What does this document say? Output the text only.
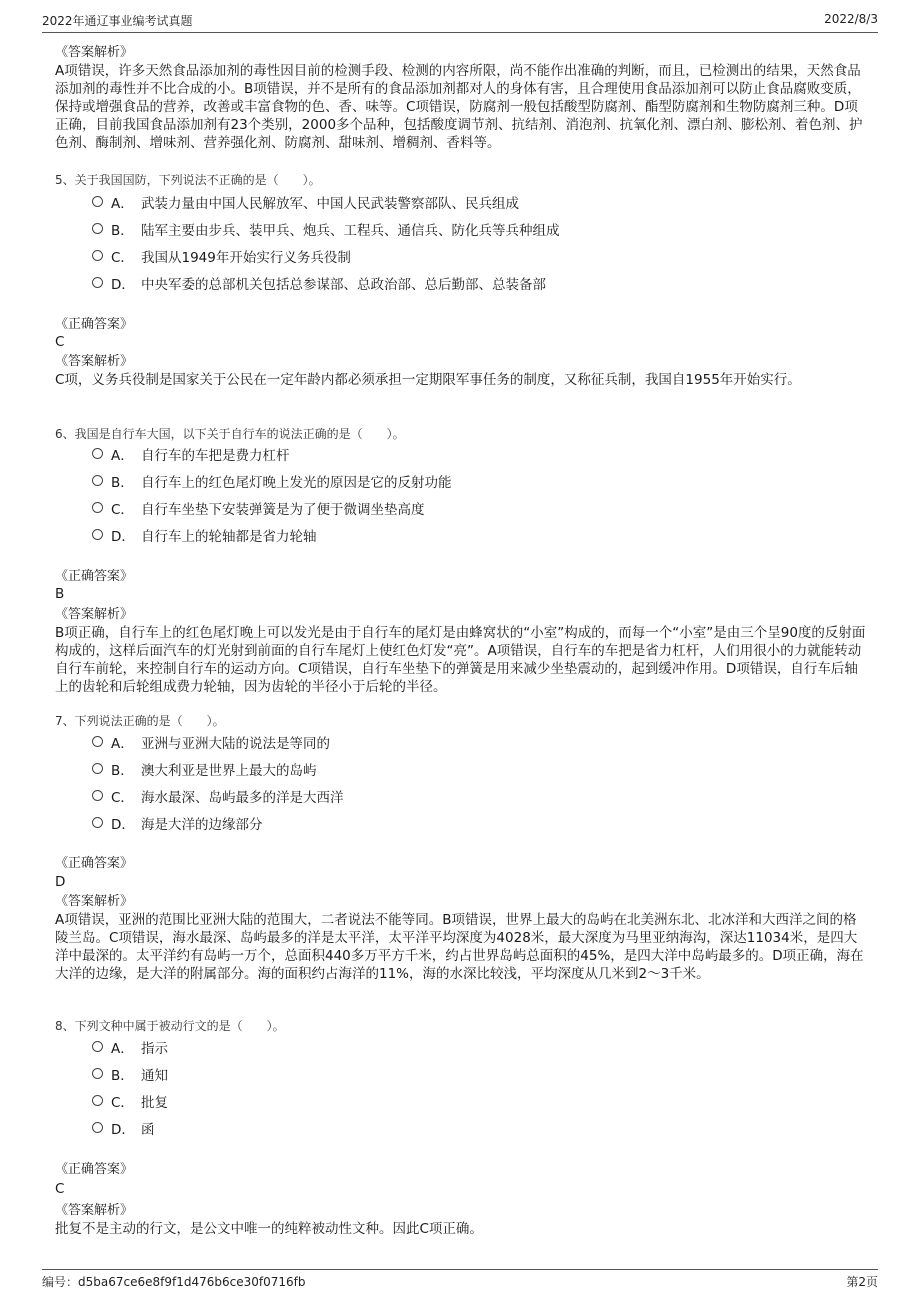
2022年通辽事业编考试真题	2022/8/3
《答案解析》
A项错误，许多天然食品添加剂的毒性因目前的检测手段、检测的内容所限，尚不能作出准确的判断，而且，已检测出的结果，天然食品添加剂的毒性并不比合成的小。B项错误，并不是所有的食品添加剂都对人的身体有害，且合理使用食品添加剂可以防止食品腐败变质，保持或增强食品的营养，改善或丰富食物的色、香、味等。C项错误，防腐剂一般包括酸型防腐剂、酯型防腐剂和生物防腐剂三种。D项正确，目前我国食品添加剂有23个类别，2000多个品种，包括酸度调节剂、抗结剂、消泡剂、抗氧化剂、漂白剂、膨松剂、着色剂、护色剂、酶制剂、增味剂、营养强化剂、防腐剂、甜味剂、增稠剂、香料等。
5、关于我国国防，下列说法不正确的是（　　）。
A． 武装力量由中国人民解放军、中国人民武装警察部队、民兵组成
B． 陆军主要由步兵、装甲兵、炮兵、工程兵、通信兵、防化兵等兵种组成
C． 我国从1949年开始实行义务兵役制
D． 中央军委的总部机关包括总参谋部、总政治部、总后勤部、总装备部
《正确答案》
C
《答案解析》
C项，义务兵役制是国家关于公民在一定年龄内都必须承担一定期限军事任务的制度，又称征兵制，我国自1955年开始实行。
6、我国是自行车大国，以下关于自行车的说法正确的是（　　）。
A． 自行车的车把是费力杠杆
B． 自行车上的红色尾灯晚上发光的原因是它的反射功能
C． 自行车坐垫下安装弹簧是为了便于微调坐垫高度
D． 自行车上的轮轴都是省力轮轴
《正确答案》
B
《答案解析》
B项正确，自行车上的红色尾灯晚上可以发光是由于自行车的尾灯是由蜂窝状的“小室”构成的，而每一个“小室”是由三个呈90度的反射面构成的，这样后面汽车的灯光射到前面的自行车尾灯上使红色灯发“亮”。A项错误，自行车的车把是省力杠杆，人们用很小的力就能转动自行车前轮，来控制自行车的运动方向。C项错误，自行车坐垫下的弹簧是用来减少坐垫震动的，起到缓冲作用。D项错误，自行车后轴上的齿轮和后轮组成费力轮轴，因为齿轮的半径小于后轮的半径。
7、下列说法正确的是（　　）。
A． 亚洲与亚洲大陆的说法是等同的
B． 澳大利亚是世界上最大的岛屿
C． 海水最深、岛屿最多的洋是大西洋
D． 海是大洋的边缘部分
《正确答案》
D
《答案解析》
A项错误，亚洲的范围比亚洲大陆的范围大，二者说法不能等同。B项错误，世界上最大的岛屿在北美洲东北、北冰洋和大西洋之间的格陵兰岛。C项错误，海水最深、岛屿最多的洋是太平洋，太平洋平均深度为4028米，最大深度为马里亚纳海沟，深达11034米，是四大洋中最深的。太平洋约有岛屿一万个，总面积440多万平方千米，约占世界岛屿总面积的45%，是四大洋中岛屿最多的。D项正确，海在大洋的边缘，是大洋的附属部分。海的面积约占海洋的11%，海的水深比较浅，平均深度从几米到2～3千米。
8、下列文种中属于被动行文的是（　　）。
A． 指示
B． 通知
C． 批复
D． 函
《正确答案》
C
《答案解析》
批复不是主动的行文，是公文中唯一的纯粹被动性文种。因此C项正确。
编号：d5ba67ce6e8f9f1d476b6ce30f0716fb	第2页
